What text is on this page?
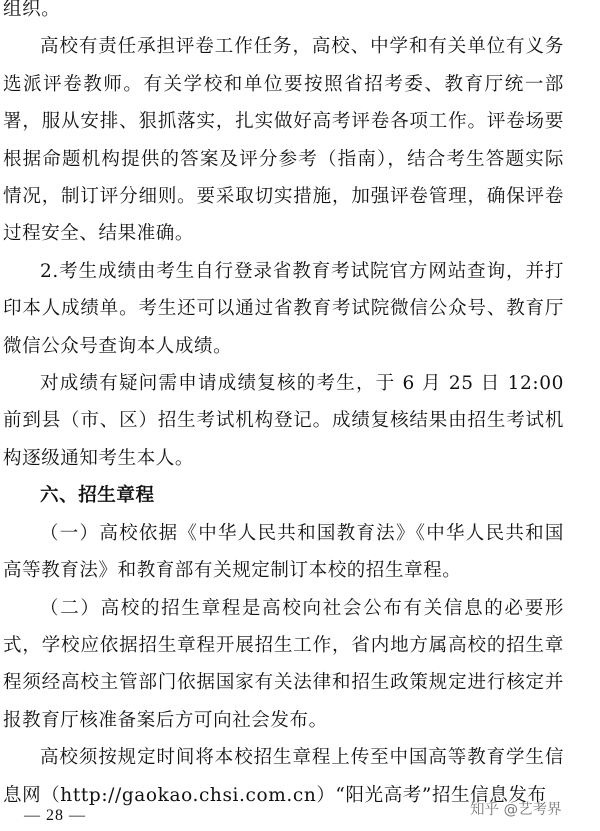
组织。

高校有责任承担评卷工作任务，高校、中学和有关单位有义务选派评卷教师。有关学校和单位要按照省招考委、教育厅统一部署，服从安排、狠抓落实，扎实做好高考评卷各项工作。评卷场要根据命题机构提供的答案及评分参考（指南），结合考生答题实际情况，制订评分细则。要采取切实措施，加强评卷管理，确保评卷过程安全、结果准确。

2.考生成绩由考生自行登录省教育考试院官方网站查询，并打印本人成绩单。考生还可以通过省教育考试院微信公众号、教育厅微信公众号查询本人成绩。

对成绩有疑问需申请成绩复核的考生，于 6 月 25 日 12:00 前到县（市、区）招生考试机构登记。成绩复核结果由招生考试机构逐级通知考生本人。

六、招生章程

（一）高校依据《中华人民共和国教育法》《中华人民共和国高等教育法》和教育部有关规定制订本校的招生章程。

（二）高校的招生章程是高校向社会公布有关信息的必要形式，学校应依据招生章程开展招生工作，省内地方属高校的招生章程须经高校主管部门依据国家有关法律和招生政策规定进行核定并报教育厅核准备案后方可向社会发布。

高校须按规定时间将本校招生章程上传至中国高等教育学生信息网（http://gaokao.chsi.com.cn）“阳光高考”招生信息发布

— 28 —	知乎 @艺考界
